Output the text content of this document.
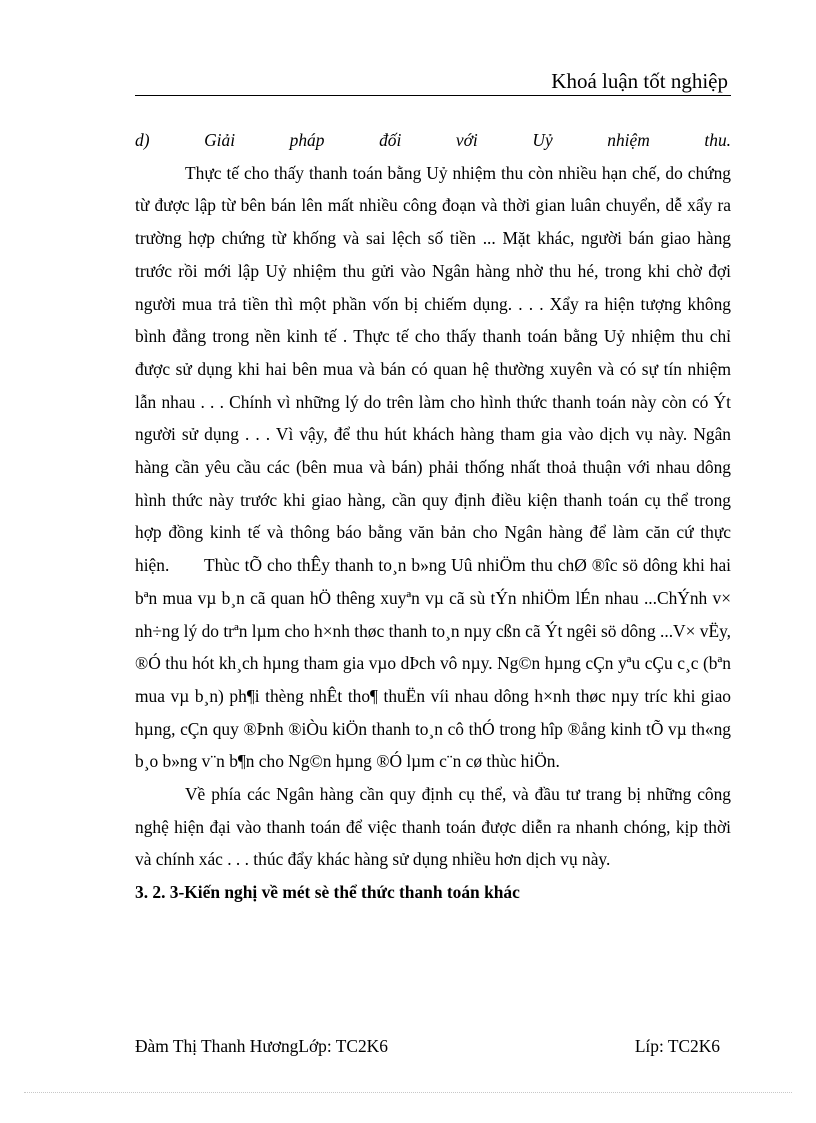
Khoá luận tốt nghiệp
d)       Giải       pháp       đối       với       Uỷ       nhiệm       thu.

Thực tế cho thấy thanh toán bằng Uỷ nhiệm thu còn nhiều hạn chế, do chứng từ được lập từ bên bán lên mất nhiều công đoạn và thời gian luân chuyển, dễ xẩy ra trường hợp chứng từ khống và sai lệch số tiền ... Mặt khác, người bán giao hàng trước rồi mới lập Uỷ nhiệm thu gửi vào Ngân hàng nhờ thu hé, trong khi chờ đợi người mua trả tiền thì một phần vốn bị chiếm dụng. . . . Xẩy ra hiện tượng không bình đẳng trong nền kinh tế . Thực tế cho thấy thanh toán bằng Uỷ nhiệm thu chỉ được sử dụng khi hai bên mua và bán có quan hệ thường xuyên và có sự tín nhiệm lẫn nhau . . . Chính vì những lý do trên làm cho hình thức thanh toán này còn có Ýt người sử dụng . . . Vì vậy, để thu hút khách hàng tham gia vào dịch vụ này. Ngân hàng cần yêu cầu các (bên mua và bán) phải thống nhất thoả thuận với nhau dông hình thức này trước khi giao hàng, cần quy định điều kiện thanh toán cụ thể trong hợp đồng kinh tế và thông báo bằng văn bản cho Ngân hàng để làm căn cứ thực hiện.       Thùc tÕ cho thÊy thanh to¸n b»ng Uû nhiÖm thu chØ ®îc sö dông khi hai bªn mua vµ b¸n cã quan hÖ thêng xuyªn vµ cã sù tÝn nhiÖm lÉn nhau ...ChÝnh v× nh÷ng lý do trªn lµm cho h×nh thøc thanh to¸n nµy cßn cã Ýt ngêi sö dông ...V× vËy, ®Ó thu hót kh¸ch hµng tham gia vµo dÞch vô nµy. Ng©n hµng cÇn yªu cÇu c¸c (bªn mua vµ b¸n) ph¶i thèng nhÊt tho¶ thuËn víi nhau dông h×nh thøc nµy tríc khi giao hµng, cÇn quy ®Þnh ®iÒu kiÖn thanh to¸n cô thÓ trong hîp ®ång kinh tÕ vµ th«ng b¸o b»ng v¨n b¶n cho Ng©n hµng ®Ó lµm c¨n cø thùc hiÖn.

Về phía các Ngân hàng cần quy định cụ thể, và đầu tư trang bị những công nghệ hiện đại vào thanh toán để việc thanh toán được diễn ra nhanh chóng, kịp thời và chính xác . . . thúc đẩy khác hàng sử dụng nhiều hơn dịch vụ này.

3. 2. 3-Kiến nghị về mét sè thể thức thanh toán khác

Đàm Thị Thanh HươngLớp: TC2K6	Líp: TC2K6
